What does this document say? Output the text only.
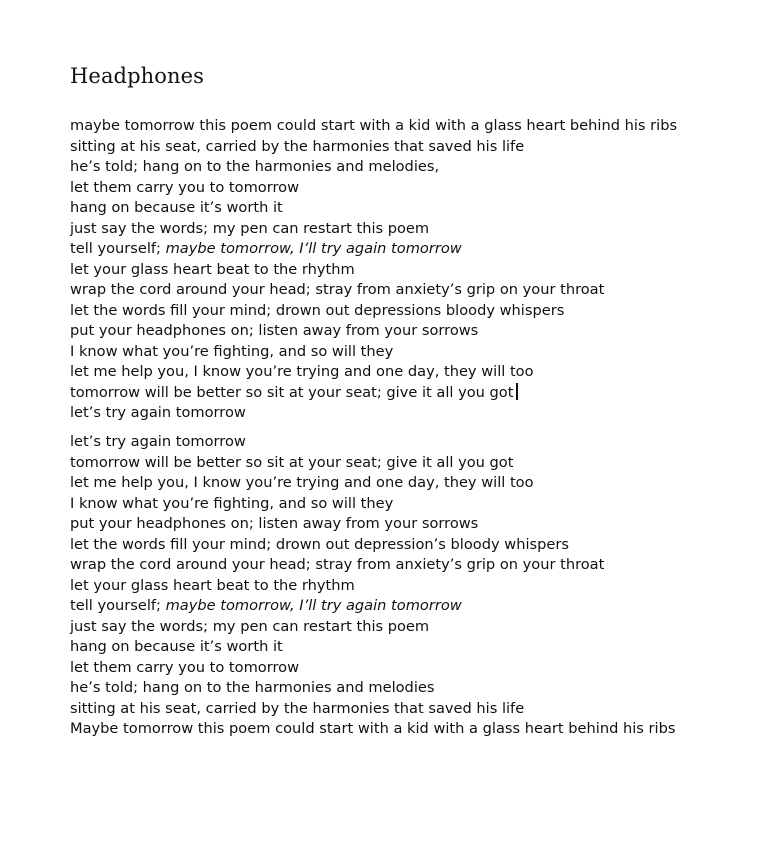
Headphones
maybe tomorrow this poem could start with a kid with a glass heart behind his ribs
sitting at his seat, carried by the harmonies that saved his life
he’s told; hang on to the harmonies and melodies,
let them carry you to tomorrow
hang on because it’s worth it
just say the words; my pen can restart this poem
tell yourself; maybe tomorrow, I’ll try again tomorrow
let your glass heart beat to the rhythm
wrap the cord around your head; stray from anxiety’s grip on your throat
let the words fill your mind; drown out depressions bloody whispers
put your headphones on; listen away from your sorrows
I know what you’re fighting, and so will they
let me help you, I know you’re trying and one day, they will too
tomorrow will be better so sit at your seat; give it all you got
let’s try again tomorrow
let’s try again tomorrow
tomorrow will be better so sit at your seat; give it all you got
let me help you, I know you’re trying and one day, they will too
I know what you’re fighting, and so will they
put your headphones on; listen away from your sorrows
let the words fill your mind; drown out depression’s bloody whispers
wrap the cord around your head; stray from anxiety’s grip on your throat
let your glass heart beat to the rhythm
tell yourself; maybe tomorrow, I’ll try again tomorrow
just say the words; my pen can restart this poem
hang on because it’s worth it
let them carry you to tomorrow
he’s told; hang on to the harmonies and melodies
sitting at his seat, carried by the harmonies that saved his life
Maybe tomorrow this poem could start with a kid with a glass heart behind his ribs
